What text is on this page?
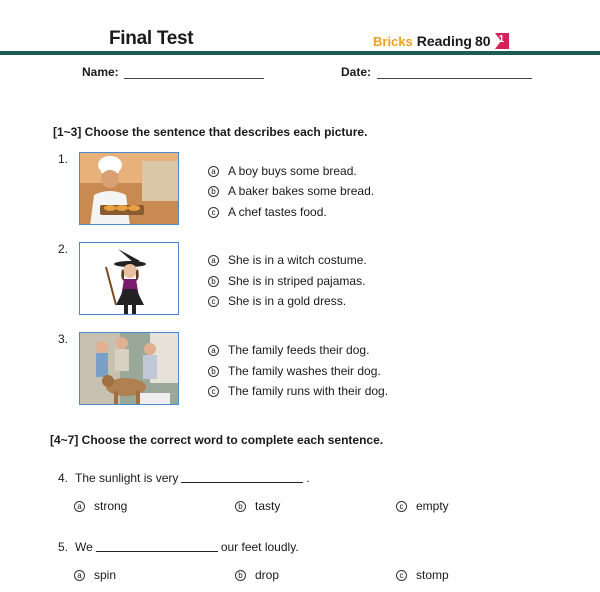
Final Test	Bricks Reading 80 1
Name:	Date:
[1~3] Choose the sentence that describes each picture.
1.
a A boy buys some bread.
b A baker bakes some bread.
c A chef tastes food.
2.
a She is in a witch costume.
b She is in striped pajamas.
c She is in a gold dress.
3.
a The family feeds their dog.
b The family washes their dog.
c The family runs with their dog.
[4~7] Choose the correct word to complete each sentence.
4. The sunlight is very	.
a strong	b tasty	c empty
5. We	our feet loudly.
a spin	b drop	c stomp
